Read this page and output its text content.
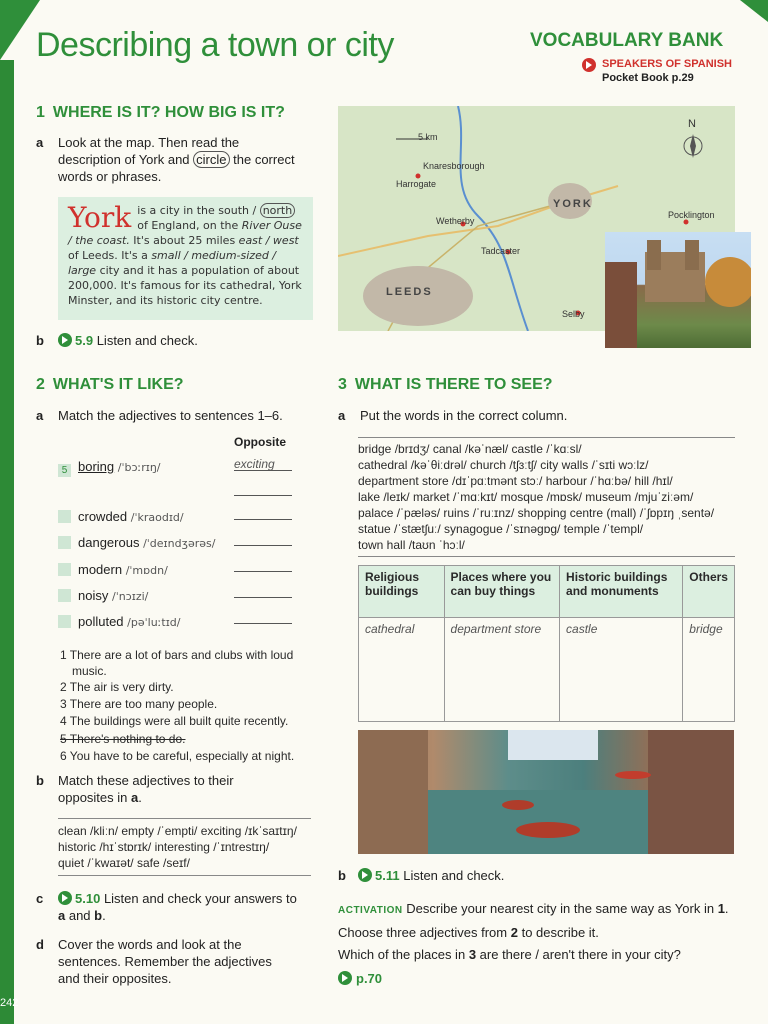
242
Describing a town or city	VOCABULARY BANK
SPEAKERS OF SPANISH
Pocket Book p.29
1 WHERE IS IT? HOW BIG IS IT?
a Look at the map. Then read the
description of York and circle the correct
words or phrases.
York is a city in the south / north of England, on the River Ouse / the coast. It's about 25 miles east / west of Leeds. It's a small / medium-sized / large city and it has a population of about 200,000. It's famous for its cathedral, York Minster, and its historic city centre.
b	5.9 Listen and check.
5 km
N
Knaresborough
Harrogate
Wetherby
Tadcaster
Selby
Pocklington
YORK
LEEDS
2 WHAT'S IT LIKE?
a Match the adjectives to sentences 1–6.
Opposite
5 boring /ˈbɔːrɪŋ/	exciting
crowded /ˈkraodɪd/
dangerous /ˈdeɪndʒərəs/
modern /ˈmɒdn/
noisy /ˈnɔɪzi/
polluted /pəˈluːtɪd/
1 There are a lot of bars and clubs with loud
music.
2 The air is very dirty.
3 There are too many people.
4 The buildings were all built quite recently.
5 There's nothing to do.
6 You have to be careful, especially at night.
b Match these adjectives to their
opposites in a.
clean /kliːn/ empty /ˈempti/ exciting /ɪkˈsaɪtɪŋ/
historic /hɪˈstɒrɪk/ interesting /ˈɪntrestɪŋ/
quiet /ˈkwaɪət/ safe /seɪf/
c	5.10 Listen and check your answers to
a and b.
d Cover the words and look at the
sentences. Remember the adjectives
and their opposites.
3 WHAT IS THERE TO SEE?
a Put the words in the correct column.
bridge /brɪdʒ/ canal /kəˈnæl/ castle /ˈkɑːsl/
cathedral /kəˈθiːdrəl/ church /tʃɜːtʃ/ city walls /ˈsɪti wɔːlz/
department store /dɪˈpɑːtmənt stɔː/ harbour /ˈhɑːbə/ hill /hɪl/
lake /leɪk/ market /ˈmɑːkɪt/ mosque /mɒsk/ museum /mjuˈziːəm/
palace /ˈpæləs/ ruins /ˈruːɪnz/ shopping centre (mall) /ˈʃɒpɪŋ ˌsentə/
statue /ˈstætʃuː/ synagogue /ˈsɪnəɡɒɡ/ temple /ˈtempl/
town hall /taʊn ˈhɔːl/
Religious buildings	Places where you can buy things	Historic buildings and monuments	Others
cathedral	department store	castle	bridge
b	5.11 Listen and check.
ACTIVATION Describe your nearest city in the same way as York in 1.
Choose three adjectives from 2 to describe it.
Which of the places in 3 are there / aren't there in your city?
p.70
